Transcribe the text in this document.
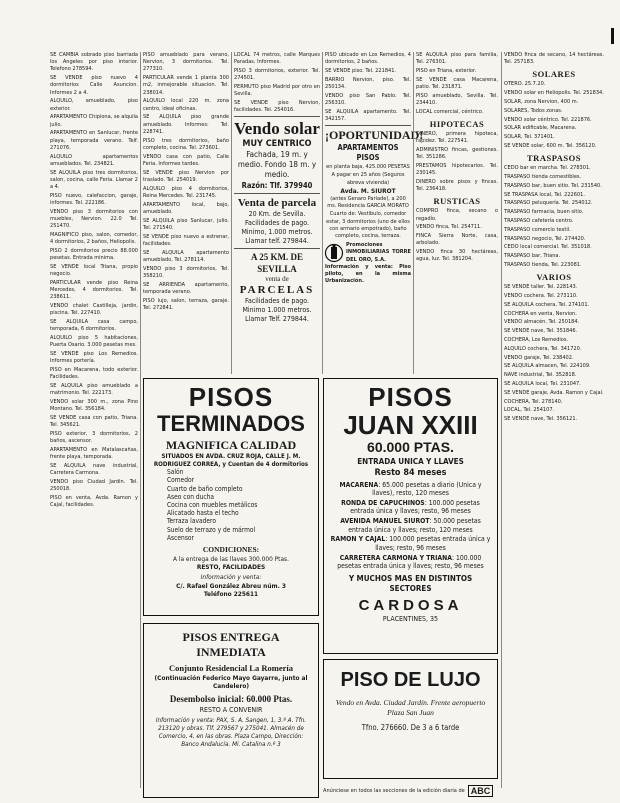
SE CAMBIA sobrado piso barriada los Angeles por piso interior. Telefono 278594.

SE VENDE piso nuevo 4 dormitorios Calle Asuncion. Informes 2 a 4.

ALQUILO, amueblado, piso exterior.

APARTAMENTO Chipiona, se alquila julio.

APARTAMENTO en Sanlucar, frente playa, temporada verano. Telf. 271076.

ALQUILO apartamentos amueblados. Tel. 234821.

SE ALQUILA piso tres dormitorios, salon, cocina, calle Feria. Llamar 2 a 4.

PISO nuevo, calefaccion, garaje, informes. Tel. 222186.

VENDO piso 3 dormitorios con muebles, Nervion. 22.0 Tel. 251470.

MAGNIFICO piso, salon, comedor, 4 dormitorios, 2 baños, Heliopolis.

PISO 2 dormitorios precio 88.000 pesetas. Entrada minima.

SE VENDE local Triana, propio negocio.

PARTICULAR vende piso Reina Mercedes, 4 dormitorios. Tel. 238611.

VENDO chalet Castilleja, jardin, piscina. Tel. 227410.

SE ALQUILA casa campo, temporada, 6 dormitorios.

ALQUILO piso 5 habitaciones, Puerta Osario. 3.000 pesetas mes.

SE VENDE piso Los Remedios. Informes portería.

PISO en Macarena, todo exterior. Facilidades.

SE ALQUILA piso amueblado a matrimonio. Tel. 222173.

VENDO solar 300 m., zona Pino Montano. Tel. 356184.

SE VENDE casa con patio, Triana. Tel. 345621.

PISO exterior, 3 dormitorios, 2 baños, ascensor.

APARTAMENTO en Matalascañas, frente playa, temporada.

SE ALQUILA nave industrial, Carretera Carmona.

VENDO piso Ciudad Jardin. Tel. 250018.

PISO en venta, Avda. Ramon y Cajal, facilidades.

PISO amueblado para verano, Nervion, 3 dormitorios. Tel. 277310.

PARTICULAR vende 1 planta 300 m2, inmejorable situacion. Tel. 238014.

ALQUILO local 220 m. zona centro, ideal oficinas.

SE ALQUILA piso grande amueblado. Informes: Tel. 228741.

PISO tres dormitorios, baño completo, cocina. Tel. 273601.

VENDO casa con patio, Calle Feria. Informes tardes.

SE VENDE piso Nervion por traslado. Tel. 254019.

ALQUILO piso 4 dormitorios, Reina Mercedes. Tel. 231745.

APARTAMENTO local, bajo, amueblado.

SE ALQUILA piso Sanlucar, julio. Tel. 271540.

SE VENDE piso nuevo a estrenar, facilidades.

SE ALQUILA apartamento amueblado, Tel. 278114.

VENDO piso 3 dormitorios, Tel. 358210.

SE ARRIENDA apartamento, temporada verano.

PISO lujo, salon, terraza, garaje. Tel. 272841.

LOCAL 74 metros, calle Marques Paradas. Informes.

PISO 3 dormitorios, exterior. Tel. 274501.

PERMUTO piso Madrid por otro en Sevilla.

SE VENDE piso Nervion, facilidades. Tel. 254016.

Vendo solar
MUY CENTRICO
Fachada, 19 m. y medio. Fondo 18 m. y medio.
Razón: Tlf. 379940
Venta de parcela
20 Km. de Sevilla. Facilidades de pago. Minimo, 1.000 metros. Llamar telf. 279844.
A 25 KM. DE SEVILLA
venta de
PARCELAS
Facilidades de pago. Minimo 1.000 metros. Llamar Telf. 279844.

PISO ubicado en Los Remedios, 4 dormitorios, 2 baños.

SE VENDE piso. Tel. 221841.

BARRIO Nervion, piso. Tel. 250134.

VENDO piso San Pablo. Tel. 256310.

SE ALQUILA apartamento. Tel. 342157.

¡OPORTUNIDAD!
APARTAMENTOS PISOS
en planta baja, 425.000 PESETAS
A pagar en 25 años (Seguros abreva vivienda)
Avda. M. SIUROT
(antes Genaro Parlade), a 200 ms. Residencia GARCIA MORATO
Cuarto de: Vestibulo, comedor estar, 3 dormitorios (uno de ellos con armario empotrado), baño completo, cocina, terraza.
Promociones INMOBILIARIAS TORRE DEL ORO, S.A.
Información y venta: Piso piloto, en la misma Urbanización.

SE ALQUILA piso para familia, Tel. 276301.

PISO en Triana, exterior.

SE VENDE casa Macarena, patio. Tel. 231871.

PISO amueblado, Sevilla. Tel. 234410.

LOCAL comercial, céntrico.

HIPOTECAS

DINERO, primera hipoteca, rapidez. Tel. 227541.

ADMINISTRO fincas, gestiones. Tel. 351286.

PRESTAMOS hipotecarios. Tel. 230145.

DINERO sobre pisos y fincas. Tel. 236418.

RUSTICAS

COMPRO finca, secano o regadío.

VENDO finca, Tel. 254711.

FINCA Sierra Norte, casa, arbolado.

VENDO finca 30 hectáreas, agua, luz. Tel. 381204.

VENDO finca de secano, 14 hectáreas. Tel. 257183.
SOLARES

OTERO. 25.7.20.

VENDO solar en Heliopolis. Tel. 251834.

SOLAR, zona Nervion, 400 m.

SOLARES, Todos zonas.

VENDO solar céntrico. Tel. 221876.

SOLAR edificable, Macarena.

SOLAR, Tel. 371401.

SE VENDE solar, 600 m. Tel. 356120.

TRASPASOS

CEDO bar en marcha. Tel. 278301.

TRASPASO tienda comestibles.

TRASPASO bar, buen sitio. Tel. 231540.

SE TRASPASA local, Tel. 222601.

TRASPASO peluquería. Tel. 254012.

TRASPASO farmacia, buen sitio.

TRASPASO cafetería centro.

TRASPASO comercio textil.

TRASPASO negocio, Tel. 274420.

CEDO local comercial. Tel. 351018.

TRASPASO bar, Triana.

TRASPASO tienda, Tel. 223081.

VARIOS

SE VENDE taller. Tel. 228143.

VENDO cochera. Tel. 273110.

SE ALQUILA cochera, Tel. 274101.

COCHERA en venta, Nervion.

VENDO almacén, Tel. 250184.

SE VENDE nave, Tel. 351846.

COCHERA, Los Remedios.

ALQUILO cochera, Tel. 341720.

VENDO garaje, Tel. 238402.

SE ALQUILA almacen, Tel. 224109.

NAVE industrial, Tel. 352818.

SE ALQUILA local, Tel. 231047.

SE VENDE garaje, Avda. Ramon y Cajal.

COCHERA, Tel. 278140.

LOCAL, Tel. 254107.

SE VENDE nave, Tel. 356121.

PISOS
TERMINADOS
MAGNIFICA CALIDAD
SITUADOS EN AVDA. CRUZ ROJA, CALLE J. M. RODRIGUEZ CORREA, y Cuentan de 4 dormitorios
Salón
Comedor
Cuarto de baño completo
Aseo con ducha
Cocina con muebles metálicos
Alicatado hasta el techo
Terraza lavadero
Suelo de terrazo y de mármol
Ascensor
CONDICIONES:
A la entrega de las llaves 300.000 Ptas.
RESTO, FACILIDADES
Información y venta:
C/. Rafael González Abreu núm. 3
Teléfono 225611
PISOS
JUAN XXIII
60.000 PTAS.
ENTRADA UNICA Y LLAVES
Resto 84 meses
MACARENA: 65.000 pesetas a diario (Unica y llaves), resto, 120 meses
RONDA DE CAPUCHINOS: 100.000 pesetas entrada única y llaves; resto, 96 meses
AVENIDA MANUEL SIUROT: 50.000 pesetas entrada única y llaves; resto, 120 meses
RAMON Y CAJAL: 100.000 pesetas entrada única y llaves; resto, 96 meses
CARRETERA CARMONA Y TRIANA: 100.000 pesetas entrada única y llaves; resto, 96 meses
Y MUCHOS MAS EN DISTINTOS SECTORES
CARDOSA
PLACENTINES, 35
PISOS ENTREGA INMEDIATA
Conjunto Residencial La Romería
(Continuación Federico Mayo Gayarre, junto al Candelero)
Desembolso inicial: 60.000 Ptas.
RESTO A CONVENIR
Información y venta: PAX, S. A. Sangen, 1, 3.º A. Tfn. 213120 y obras. Tlf. 279567 y 275041. Almacén de Comercio, 4, en las obras. Plaza Campo, Dirección: Banco Andalucía. Mi. Catalina n.º 3
PISO DE LUJO
Vendo en Avda. Ciudad Jardín. Frente aeropuerto Plaza San Juan
Tfno. 276660. De 3 a 6 tarde
Anúnciese en todos las secciones de la edición diaria de ABC
